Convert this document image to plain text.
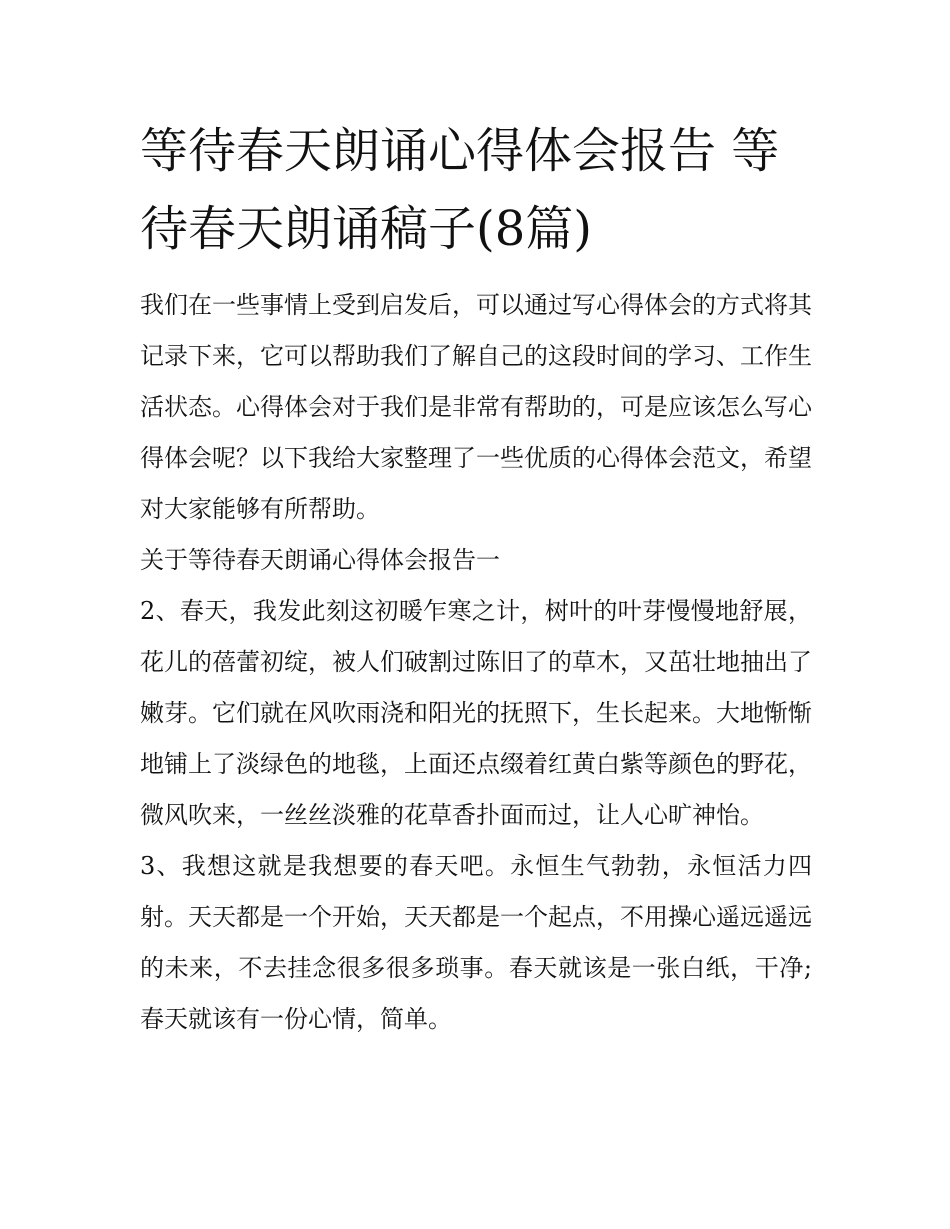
等待春天朗诵心得体会报告 等待春天朗诵稿子(8篇)

我们在一些事情上受到启发后，可以通过写心得体会的方式将其记录下来，它可以帮助我们了解自己的这段时间的学习、工作生活状态。心得体会对于我们是非常有帮助的，可是应该怎么写心得体会呢？以下我给大家整理了一些优质的心得体会范文，希望对大家能够有所帮助。

关于等待春天朗诵心得体会报告一

2、春天，我发此刻这初暖乍寒之计，树叶的叶芽慢慢地舒展，花儿的蓓蕾初绽，被人们破割过陈旧了的草木，又茁壮地抽出了嫩芽。它们就在风吹雨浇和阳光的抚照下，生长起来。大地惭惭地铺上了淡绿色的地毯，上面还点缀着红黄白紫等颜色的野花，微风吹来，一丝丝淡雅的花草香扑面而过，让人心旷神怡。

3、我想这就是我想要的春天吧。永恒生气勃勃，永恒活力四射。天天都是一个开始，天天都是一个起点，不用操心遥远遥远的未来，不去挂念很多很多琐事。春天就该是一张白纸，干净;春天就该有一份心情，简单。
